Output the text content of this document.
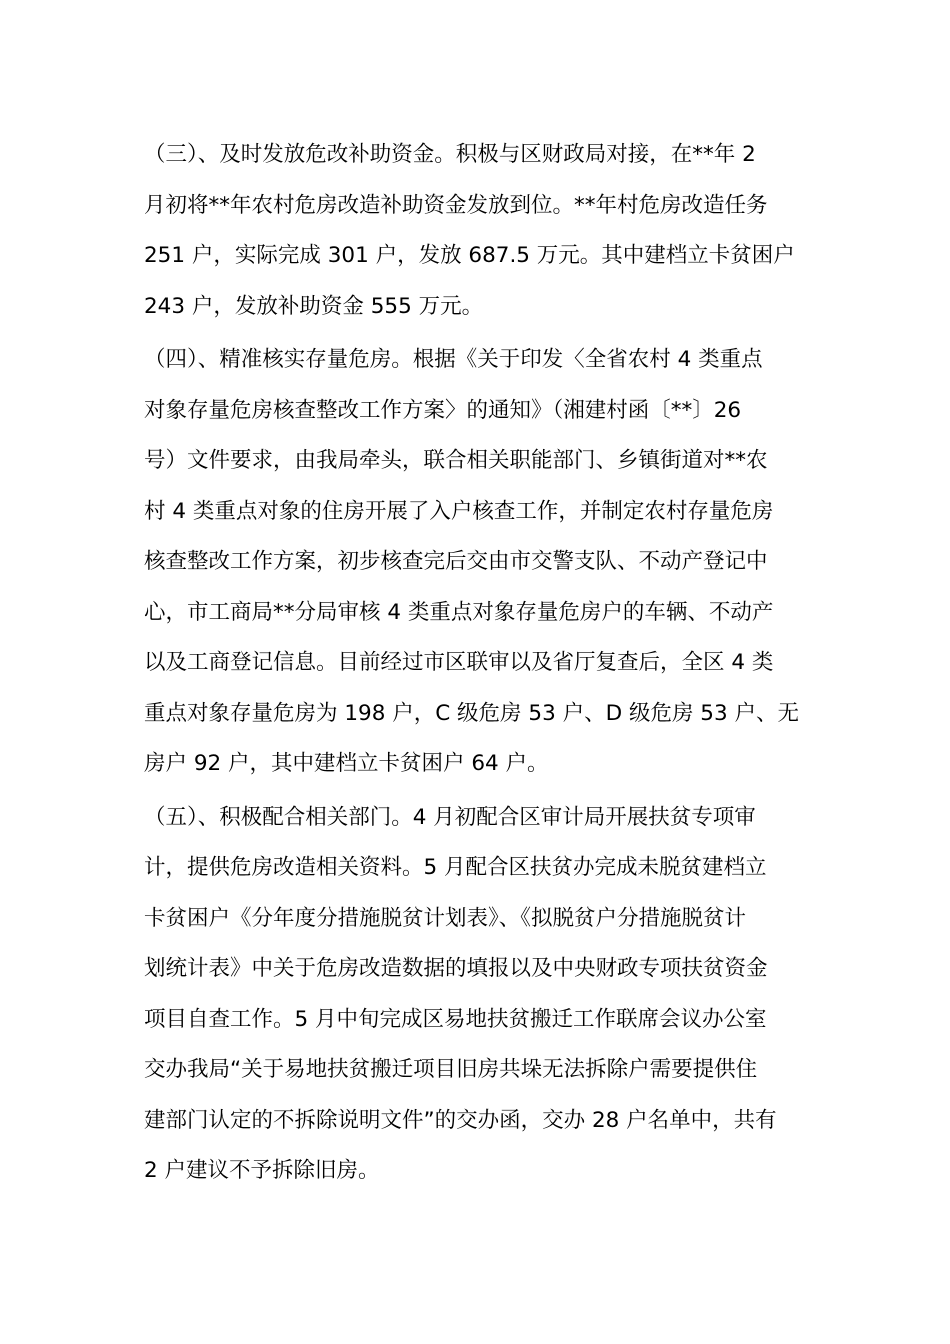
（三）、及时发放危改补助资金。积极与区财政局对接，在**年 2
月初将**年农村危房改造补助资金发放到位。**年村危房改造任务
251 户，实际完成 301 户，发放 687.5 万元。其中建档立卡贫困户
243 户，发放补助资金 555 万元。
（四）、精准核实存量危房。根据《关于印发〈全省农村 4 类重点
对象存量危房核查整改工作方案〉的通知》（湘建村函〔**〕26
号）文件要求，由我局牵头，联合相关职能部门、乡镇街道对**农
村 4 类重点对象的住房开展了入户核查工作，并制定农村存量危房
核查整改工作方案，初步核查完后交由市交警支队、不动产登记中
心，市工商局**分局审核 4 类重点对象存量危房户的车辆、不动产
以及工商登记信息。目前经过市区联审以及省厅复查后，全区 4 类
重点对象存量危房为 198 户，C 级危房 53 户、D 级危房 53 户、无
房户 92 户，其中建档立卡贫困户 64 户。
（五）、积极配合相关部门。4 月初配合区审计局开展扶贫专项审
计，提供危房改造相关资料。5 月配合区扶贫办完成未脱贫建档立
卡贫困户《分年度分措施脱贫计划表》、《拟脱贫户分措施脱贫计
划统计表》中关于危房改造数据的填报以及中央财政专项扶贫资金
项目自查工作。5 月中旬完成区易地扶贫搬迁工作联席会议办公室
交办我局“关于易地扶贫搬迁项目旧房共垛无法拆除户需要提供住
建部门认定的不拆除说明文件”的交办函，交办 28 户名单中，共有
2 户建议不予拆除旧房。
